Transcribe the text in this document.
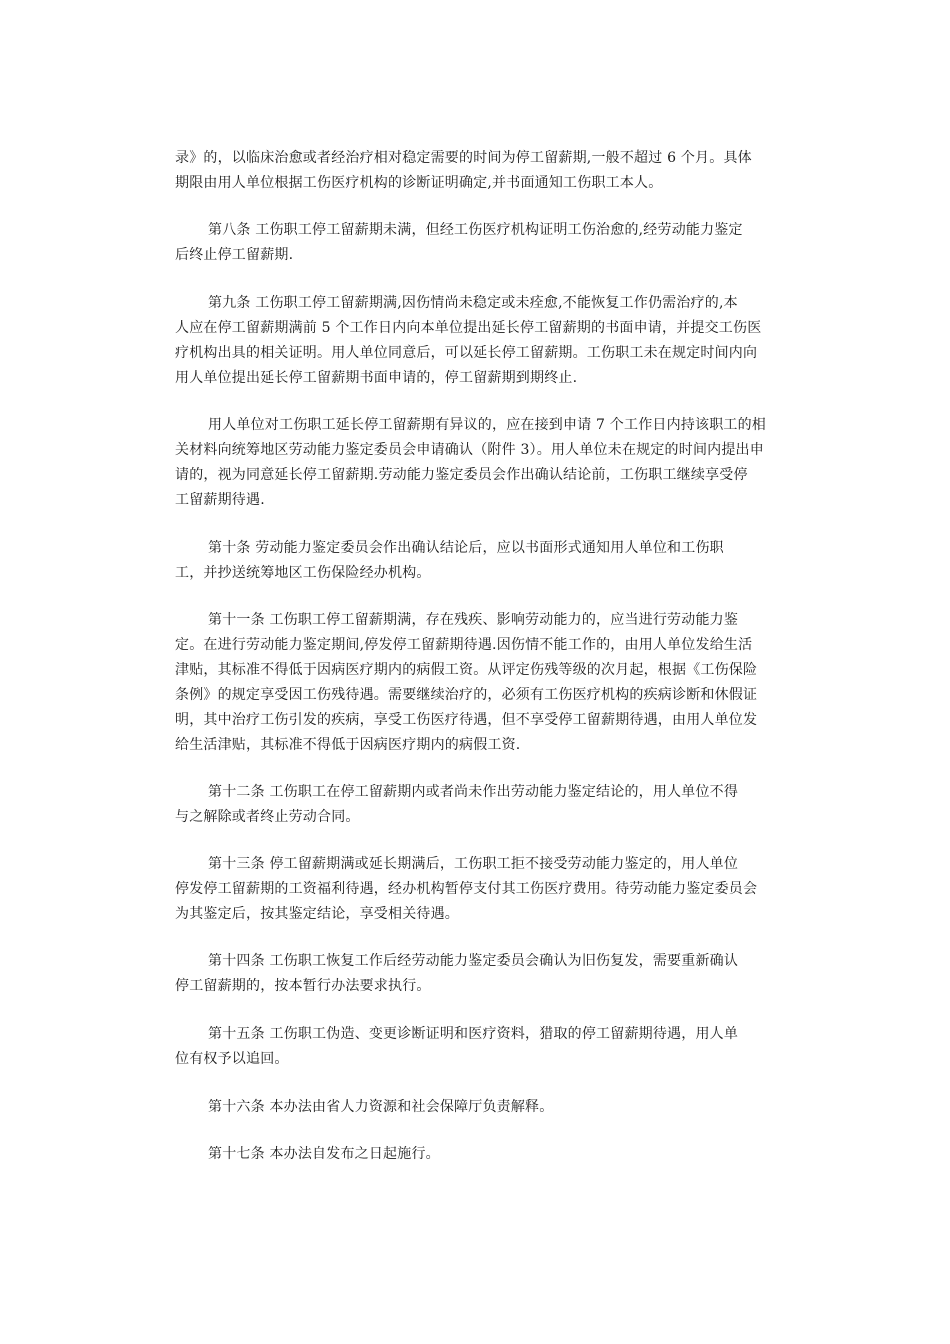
录》的，以临床治愈或者经治疗相对稳定需要的时间为停工留薪期,一般不超过 6 个月。具体
期限由用人单位根据工伤医疗机构的诊断证明确定,并书面通知工伤职工本人。
第八条 工伤职工停工留薪期未满，但经工伤医疗机构证明工伤治愈的,经劳动能力鉴定
后终止停工留薪期.
第九条 工伤职工停工留薪期满,因伤情尚未稳定或未痊愈,不能恢复工作仍需治疗的,本
人应在停工留薪期满前 5 个工作日内向本单位提出延长停工留薪期的书面申请，并提交工伤医
疗机构出具的相关证明。用人单位同意后，可以延长停工留薪期。工伤职工未在规定时间内向
用人单位提出延长停工留薪期书面申请的，停工留薪期到期终止.
用人单位对工伤职工延长停工留薪期有异议的，应在接到申请 7 个工作日内持该职工的相
关材料向统筹地区劳动能力鉴定委员会申请确认（附件 3）。用人单位未在规定的时间内提出申
请的，视为同意延长停工留薪期.劳动能力鉴定委员会作出确认结论前，工伤职工继续享受停
工留薪期待遇.
第十条 劳动能力鉴定委员会作出确认结论后，应以书面形式通知用人单位和工伤职
工，并抄送统筹地区工伤保险经办机构。
第十一条 工伤职工停工留薪期满，存在残疾、影响劳动能力的，应当进行劳动能力鉴
定。在进行劳动能力鉴定期间,停发停工留薪期待遇.因伤情不能工作的，由用人单位发给生活
津贴，其标准不得低于因病医疗期内的病假工资。从评定伤残等级的次月起，根据《工伤保险
条例》的规定享受因工伤残待遇。需要继续治疗的，必须有工伤医疗机构的疾病诊断和休假证
明，其中治疗工伤引发的疾病，享受工伤医疗待遇，但不享受停工留薪期待遇，由用人单位发
给生活津贴，其标准不得低于因病医疗期内的病假工资.
第十二条 工伤职工在停工留薪期内或者尚未作出劳动能力鉴定结论的，用人单位不得
与之解除或者终止劳动合同。
第十三条 停工留薪期满或延长期满后，工伤职工拒不接受劳动能力鉴定的，用人单位
停发停工留薪期的工资福利待遇，经办机构暂停支付其工伤医疗费用。待劳动能力鉴定委员会
为其鉴定后，按其鉴定结论，享受相关待遇。
第十四条 工伤职工恢复工作后经劳动能力鉴定委员会确认为旧伤复发，需要重新确认
停工留薪期的，按本暂行办法要求执行。
第十五条 工伤职工伪造、变更诊断证明和医疗资料，猎取的停工留薪期待遇，用人单
位有权予以追回。
第十六条 本办法由省人力资源和社会保障厅负责解释。
第十七条 本办法自发布之日起施行。
